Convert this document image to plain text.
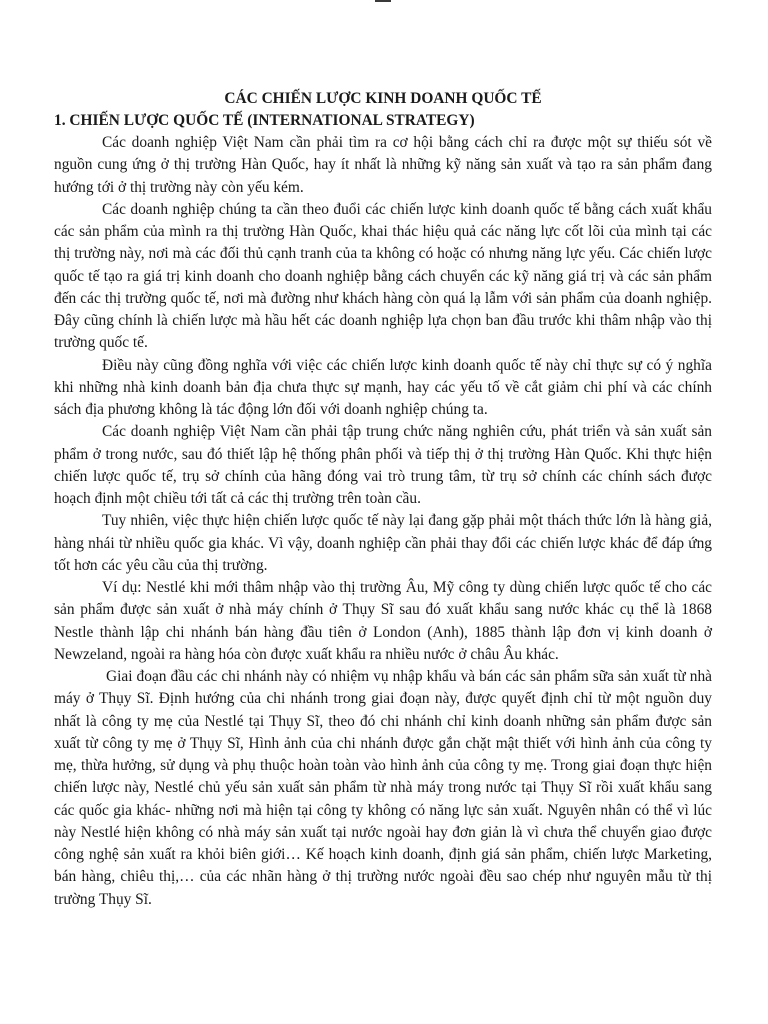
CÁC CHIẾN LƯỢC KINH DOANH QUỐC TẾ

1. CHIẾN LƯỢC QUỐC TẾ (INTERNATIONAL STRATEGY)

Các doanh nghiệp Việt Nam cần phải tìm ra cơ hội bằng cách chỉ ra được một sự thiếu sót về nguồn cung ứng ở thị trường Hàn Quốc, hay ít nhất là những kỹ năng sản xuất và tạo ra sản phẩm đang hướng tới ở thị trường này còn yếu kém.

Các doanh nghiệp chúng ta cần theo đuổi các chiến lược kinh doanh quốc tế bằng cách xuất khẩu các sản phẩm của mình ra thị trường Hàn Quốc, khai thác hiệu quả các năng lực cốt lõi của mình tại các thị trường này, nơi mà các đối thủ cạnh tranh của ta không có hoặc có nhưng năng lực yếu. Các chiến lược quốc tế tạo ra giá trị kinh doanh cho doanh nghiệp bằng cách chuyển các kỹ năng giá trị và các sản phẩm đến các thị trường quốc tế, nơi mà đường như khách hàng còn quá lạ lẫm với sản phẩm của doanh nghiệp. Đây cũng chính là chiến lược mà hầu hết các doanh nghiệp lựa chọn ban đầu trước khi thâm nhập vào thị trường quốc tế.

Điều này cũng đồng nghĩa với việc các chiến lược kinh doanh quốc tế này chỉ thực sự có ý nghĩa khi những nhà kinh doanh bản địa chưa thực sự mạnh, hay các yếu tố về cắt giảm chi phí và các chính sách địa phương không là tác động lớn đối với doanh nghiệp chúng ta.

Các doanh nghiệp Việt Nam cần phải tập trung chức năng nghiên cứu, phát triển và sản xuất sản phẩm ở trong nước, sau đó thiết lập hệ thống phân phối và tiếp thị ở thị trường Hàn Quốc. Khi thực hiện chiến lược quốc tế, trụ sở chính của hãng đóng vai trò trung tâm, từ trụ sở chính các chính sách được hoạch định một chiều tới tất cả các thị trường trên toàn cầu.

Tuy nhiên, việc thực hiện chiến lược quốc tế này lại đang gặp phải một thách thức lớn là hàng giả, hàng nhái từ nhiều quốc gia khác. Vì vậy, doanh nghiệp cần phải thay đổi các chiến lược khác để đáp ứng tốt hơn các yêu cầu của thị trường.

Ví dụ: Nestlé khi mới thâm nhập vào thị trường Âu, Mỹ công ty dùng chiến lược quốc tế cho các sản phẩm được sản xuất ở nhà máy chính ở Thụy Sĩ sau đó xuất khẩu sang nước khác cụ thể là 1868 Nestle thành lập chi nhánh bán hàng đầu tiên ở London (Anh), 1885 thành lập đơn vị kinh doanh ở Newzeland, ngoài ra hàng hóa còn được xuất khẩu ra nhiều nước ở châu Âu khác.

Giai đoạn đầu các chi nhánh này có nhiệm vụ nhập khẩu và bán các sản phẩm sữa sản xuất từ nhà máy ở Thụy Sĩ. Định hướng của chi nhánh trong giai đoạn này, được quyết định chỉ từ một nguồn duy nhất là công ty mẹ của Nestlé tại Thụy Sĩ, theo đó chi nhánh chỉ kinh doanh những sản phẩm được sản xuất từ công ty mẹ ở Thụy Sĩ, Hình ảnh của chi nhánh được gắn chặt mật thiết với hình ảnh của công ty mẹ, thừa hưởng, sử dụng và phụ thuộc hoàn toàn vào hình ảnh của công ty mẹ. Trong giai đoạn thực hiện chiến lược này, Nestlé chủ yếu sản xuất sản phẩm từ nhà máy trong nước tại Thụy Sĩ rồi xuất khẩu sang các quốc gia khác- những nơi mà hiện tại công ty không có năng lực sản xuất. Nguyên nhân có thể vì lúc này Nestlé hiện không có nhà máy sản xuất tại nước ngoài hay đơn giản là vì chưa thể chuyển giao được công nghệ sản xuất ra khỏi biên giới… Kế hoạch kinh doanh, định giá sản phẩm, chiến lược Marketing, bán hàng, chiêu thị,… của các nhãn hàng ở thị trường nước ngoài đều sao chép như nguyên mẫu từ thị trường Thụy Sĩ.
